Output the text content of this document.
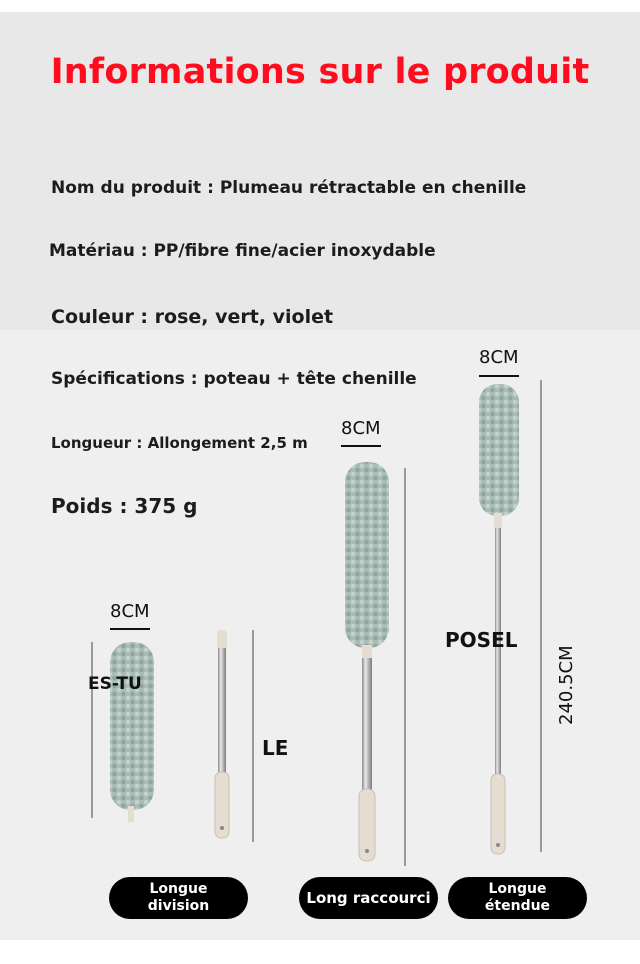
Informations sur le produit
Nom du produit : Plumeau rétractable en chenille
Matériau : PP/fibre fine/acier inoxydable
Couleur : rose, vert, violet
Spécifications : poteau + tête chenille
Longueur : Allongement 2,5 m
Poids : 375 g
8CM
8CM
8CM
240.5CM
ES-TU
LE
POSEL
Longue
division	Long raccourci	Longue
étendue
